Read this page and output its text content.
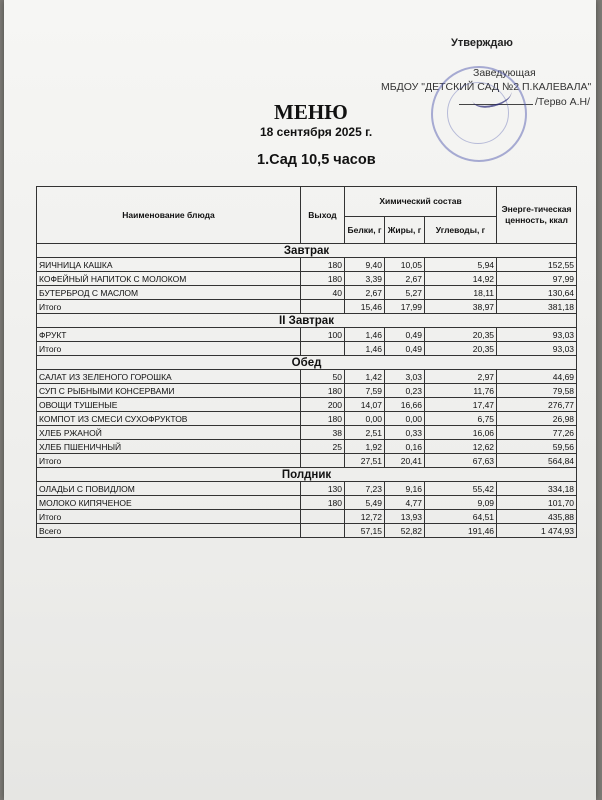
Утверждаю
Заведующая
МБДОУ "ДЕТСКИЙ САД №2 П.КАЛЕВАЛА"
/Терво А.Н/
МЕНЮ
18 сентября 2025 г.
1.Сад 10,5 часов
Наименование блюда	Выход	Химический состав			Энерге-тическая ценность, ккал
		Белки, г	Жиры, г	Углеводы, г	
Завтрак					
ЯИЧНИЦА КАШКА	180	9,40	10,05	5,94	152,55
КОФЕЙНЫЙ НАПИТОК С МОЛОКОМ	180	3,39	2,67	14,92	97,99
БУТЕРБРОД С МАСЛОМ	40	2,67	5,27	18,11	130,64
Итого		15,46	17,99	38,97	381,18
II Завтрак					
ФРУКТ	100	1,46	0,49	20,35	93,03
Итого		1,46	0,49	20,35	93,03
Обед					
САЛАТ ИЗ ЗЕЛЕНОГО ГОРОШКА	50	1,42	3,03	2,97	44,69
СУП С РЫБНЫМИ КОНСЕРВАМИ	180	7,59	0,23	11,76	79,58
ОВОЩИ ТУШЕНЫЕ	200	14,07	16,66	17,47	276,77
КОМПОТ ИЗ СМЕСИ СУХОФРУКТОВ	180	0,00	0,00	6,75	26,98
ХЛЕБ РЖАНОЙ	38	2,51	0,33	16,06	77,26
ХЛЕБ ПШЕНИЧНЫЙ	25	1,92	0,16	12,62	59,56
Итого		27,51	20,41	67,63	564,84
Полдник					
ОЛАДЬИ С ПОВИДЛОМ	130	7,23	9,16	55,42	334,18
МОЛОКО КИПЯЧЕНОЕ	180	5,49	4,77	9,09	101,70
Итого		12,72	13,93	64,51	435,88
Всего		57,15	52,82	191,46	1 474,93
